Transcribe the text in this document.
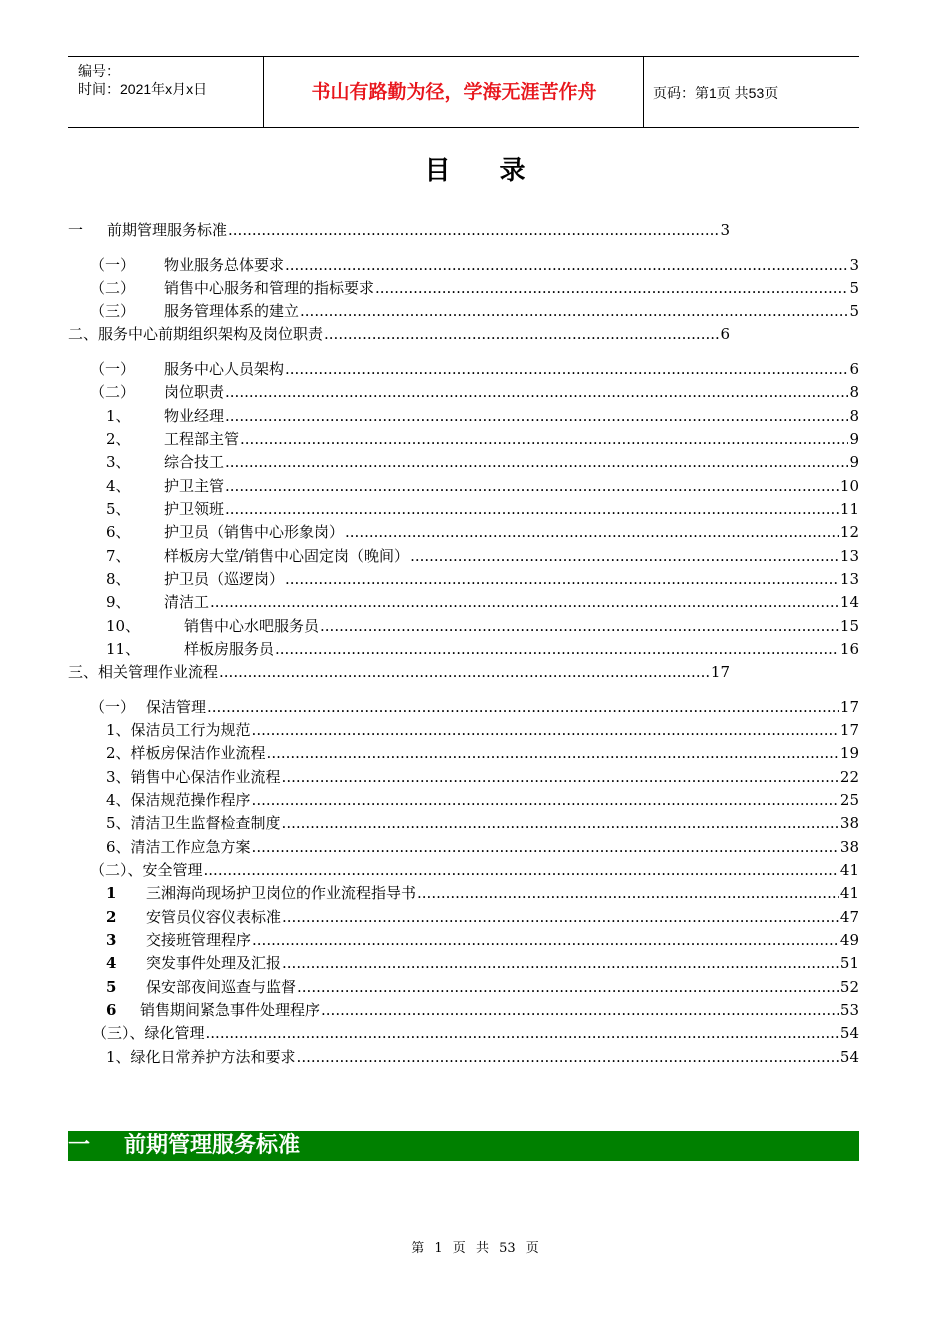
编号：
时间：2021年x月x日	书山有路勤为径，学海无涯苦作舟	页码：第1页 共53页
目 录
一	前期管理服务标准 .....	3
（一）	物业服务总体要求 .....	3
（二）	销售中心服务和管理的指标要求 .....	5
（三）	服务管理体系的建立 .....	5
二、服务中心前期组织架构及岗位职责 .....	6
（一）	服务中心人员架构 .....	6
（二）	岗位职责 .....	8
1、	物业经理 .....	8
2、	工程部主管 .....	9
3、	综合技工 .....	9
4、	护卫主管 .....	10
5、	护卫领班 .....	11
6、	护卫员（销售中心形象岗） .....	12
7、	样板房大堂/销售中心固定岗（晚间） .....	13
8、	护卫员（巡逻岗） .....	13
9、	清洁工 .....	14
10、	销售中心水吧服务员 .....	15
11、	样板房服务员 .....	16
三、相关管理作业流程 .....	17
（一） 保洁管理 .....	17
1、保洁员工行为规范 .....	17
2、样板房保洁作业流程 .....	19
3、销售中心保洁作业流程 .....	22
4、保洁规范操作程序 .....	25
5、清洁卫生监督检查制度 .....	38
6、清洁工作应急方案 .....	38
（二）、安全管理 .....	41
1	三湘海尚现场护卫岗位的作业流程指导书 .....	41
2	安管员仪容仪表标准 .....	47
3	交接班管理程序 .....	49
4	突发事件处理及汇报 .....	51
5	保安部夜间巡查与监督 .....	52
6	销售期间紧急事件处理程序 .....	53
（三）、绿化管理 .....	54
1、绿化日常养护方法和要求 .....	54
一 前期管理服务标准
第 1 页 共 53 页
